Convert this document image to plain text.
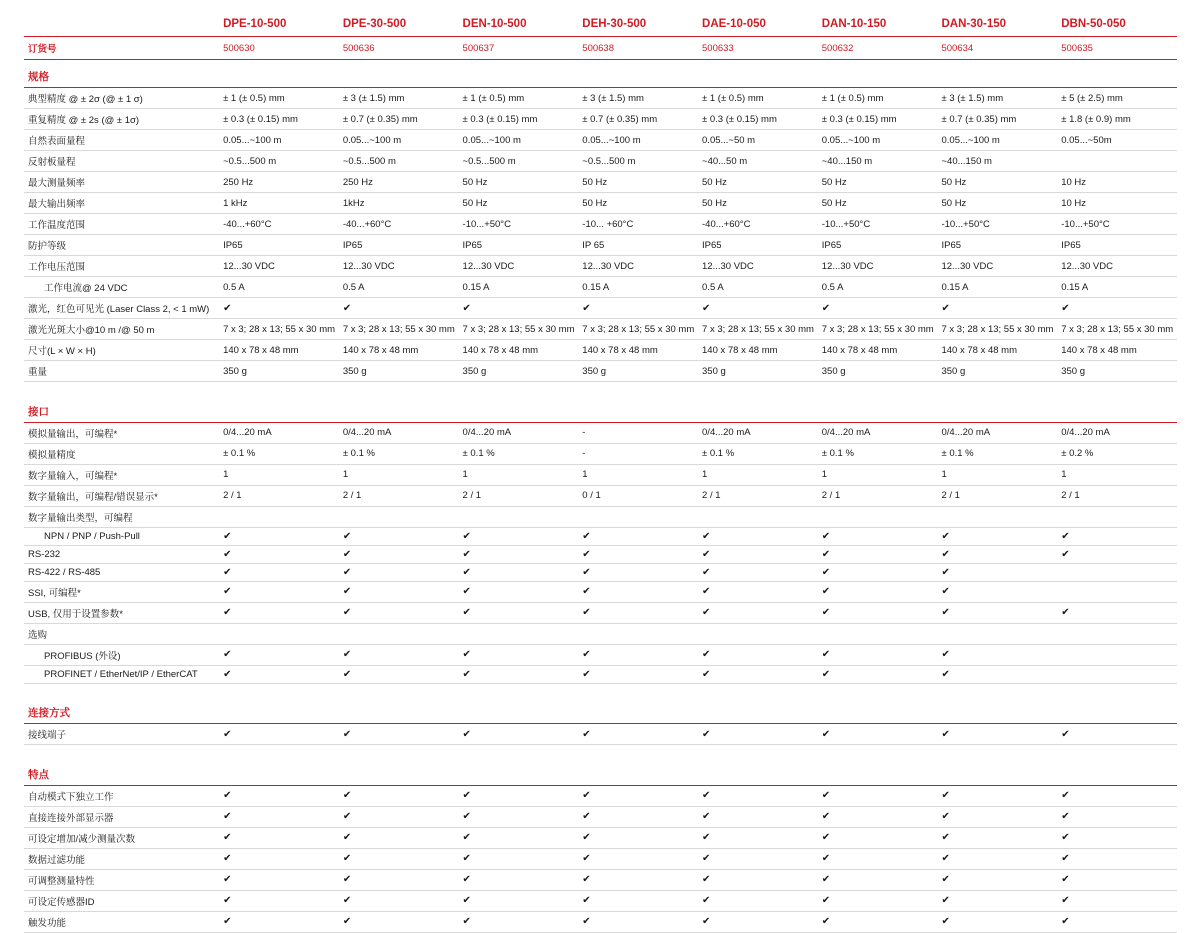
	DPE-10-500	DPE-30-500	DEN-10-500	DEH-30-500	DAE-10-050	DAN-10-150	DAN-30-150	DBN-50-050
订货号	500630	500636	500637	500638	500633	500632	500634	500635
规格								
典型精度 @ ± 2σ (@ ± 1 σ)	± 1 (± 0.5) mm	± 3 (± 1.5) mm	± 1 (± 0.5) mm	± 3 (± 1.5) mm	± 1 (± 0.5) mm	± 1 (± 0.5) mm	± 3 (± 1.5) mm	± 5 (± 2.5) mm
重复精度 @ ± 2s (@ ± 1σ)	± 0.3 (± 0.15) mm	± 0.7 (± 0.35) mm	± 0.3 (± 0.15) mm	± 0.7 (± 0.35) mm	± 0.3 (± 0.15) mm	± 0.3 (± 0.15) mm	± 0.7 (± 0.35) mm	± 1.8 (± 0.9) mm
自然表面量程	0.05...~100 m	0.05...~100 m	0.05...~100 m	0.05...~100 m	0.05...~50 m	0.05...~100 m	0.05...~100 m	0.05...~50m
反射板量程	~0.5...500 m	~0.5...500 m	~0.5...500 m	~0.5...500 m	~40...50 m	~40...150 m	~40...150 m	
最大测量频率	250 Hz	250 Hz	50 Hz	50 Hz	50 Hz	50 Hz	50 Hz	10 Hz
最大输出频率	1 kHz	1kHz	50 Hz	50 Hz	50 Hz	50 Hz	50 Hz	10 Hz
工作温度范围	-40...+60°C	-40...+60°C	-10...+50°C	-10... +60°C	-40...+60°C	-10...+50°C	-10...+50°C	-10...+50°C
防护等级	IP65	IP65	IP65	IP 65	IP65	IP65	IP65	IP65
工作电压范围	12...30 VDC	12...30 VDC	12...30 VDC	12...30 VDC	12...30 VDC	12...30 VDC	12...30 VDC	12...30 VDC
工作电流@ 24 VDC	0.5 A	0.5 A	0.15 A	0.15 A	0.5 A	0.5 A	0.15 A	0.15 A
激光，红色可见光 (Laser Class 2, < 1 mW)	✔	✔	✔	✔	✔	✔	✔	✔
激光光斑大小@10 m /@ 50 m	7 x 3; 28 x 13; 55 x 30 mm	7 x 3; 28 x 13; 55 x 30 mm	7 x 3; 28 x 13; 55 x 30 mm	7 x 3; 28 x 13; 55 x 30 mm	7 x 3; 28 x 13; 55 x 30 mm	7 x 3; 28 x 13; 55 x 30 mm	7 x 3; 28 x 13; 55 x 30 mm	7 x 3; 28 x 13; 55 x 30 mm
尺寸(L × W × H)	140 x 78 x 48 mm	140 x 78 x 48 mm	140 x 78 x 48 mm	140 x 78 x 48 mm	140 x 78 x 48 mm	140 x 78 x 48 mm	140 x 78 x 48 mm	140 x 78 x 48 mm
重量	350 g	350 g	350 g	350 g	350 g	350 g	350 g	350 g

接口								
模拟量输出，可编程*	0/4...20 mA	0/4...20 mA	0/4...20 mA	-	0/4...20 mA	0/4...20 mA	0/4...20 mA	0/4...20 mA
模拟量精度	± 0.1 %	± 0.1 %	± 0.1 %	-	± 0.1 %	± 0.1 %	± 0.1 %	± 0.2 %
数字量输入，可编程*	1	1	1	1	1	1	1	1
数字量输出，可编程/错误显示*	2 / 1	2 / 1	2 / 1	0 / 1	2 / 1	2 / 1	2 / 1	2 / 1
数字量输出类型，可编程								
NPN / PNP / Push-Pull	✔	✔	✔	✔	✔	✔	✔	✔
RS-232	✔	✔	✔	✔	✔	✔	✔	✔
RS-422 / RS-485	✔	✔	✔	✔	✔	✔	✔	
SSI, 可编程*	✔	✔	✔	✔	✔	✔	✔	
USB, 仅用于设置参数*	✔	✔	✔	✔	✔	✔	✔	✔
选购								
PROFIBUS (外设)	✔	✔	✔	✔	✔	✔	✔	
PROFINET / EtherNet/IP / EtherCAT	✔	✔	✔	✔	✔	✔	✔	

连接方式								
接线端子	✔	✔	✔	✔	✔	✔	✔	✔

特点								
自动模式下独立工作	✔	✔	✔	✔	✔	✔	✔	✔
直接连接外部显示器	✔	✔	✔	✔	✔	✔	✔	✔
可设定增加/减少测量次数	✔	✔	✔	✔	✔	✔	✔	✔
数据过滤功能	✔	✔	✔	✔	✔	✔	✔	✔
可调整测量特性	✔	✔	✔	✔	✔	✔	✔	✔
可设定传感器ID	✔	✔	✔	✔	✔	✔	✔	✔
触发功能	✔	✔	✔	✔	✔	✔	✔	✔
